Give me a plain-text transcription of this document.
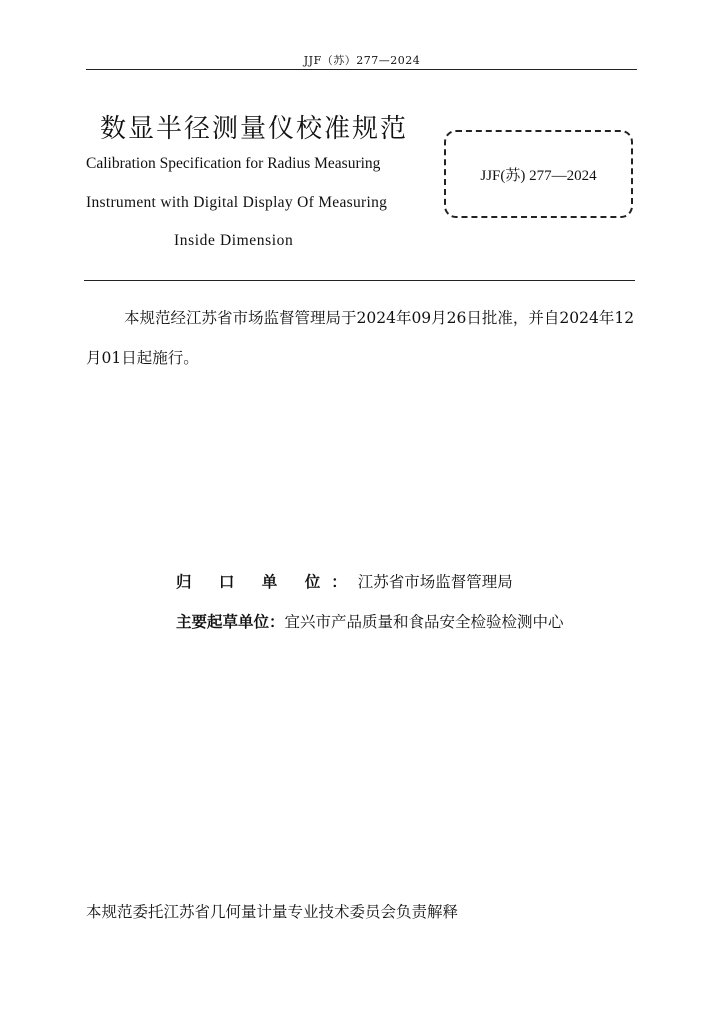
JJF（苏）277—2024
数显半径测量仪校准规范
Calibration Specification for Radius Measuring
Instrument with Digital Display Of Measuring
Inside Dimension
JJF(苏) 277—2024
本规范经江苏省市场监督管理局于2024年09月26日批准，并自2024年12月01日起施行。
归 口 单 位：江苏省市场监督管理局
主要起草单位：宜兴市产品质量和食品安全检验检测中心
本规范委托江苏省几何量计量专业技术委员会负责解释
